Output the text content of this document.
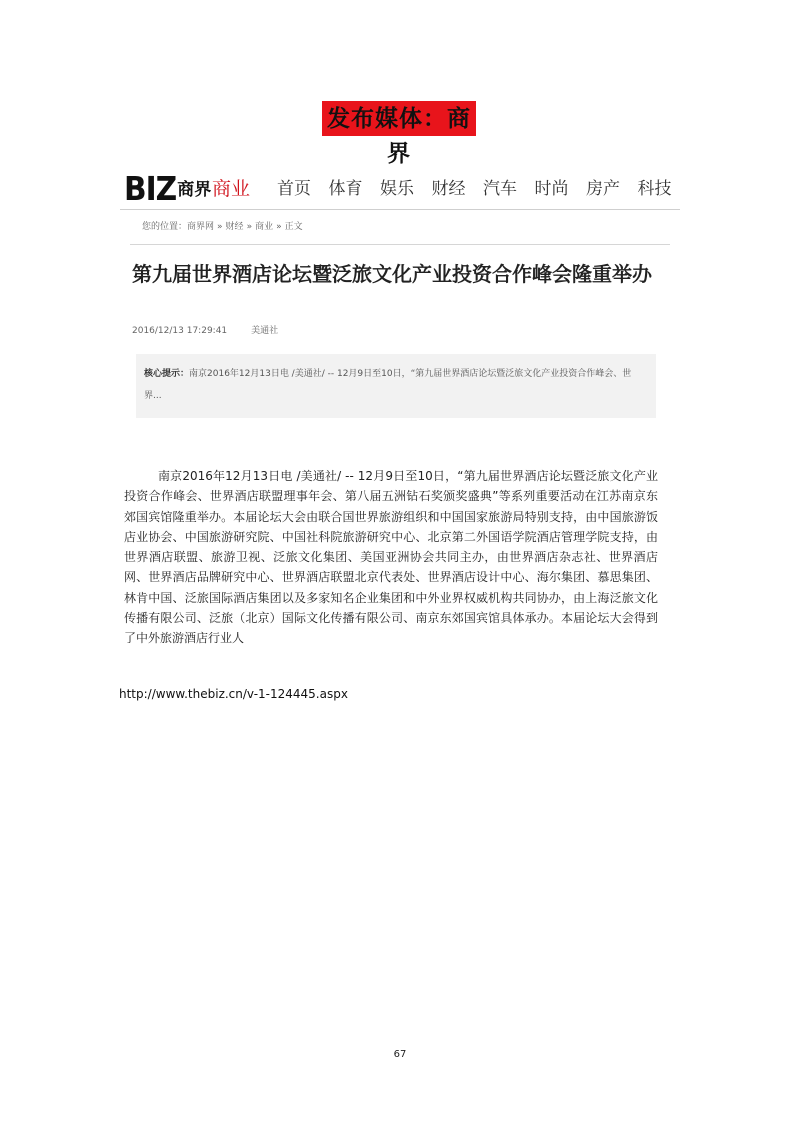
发布媒体：商界
BIZ 商界 商业 首页	体育	娱乐	财经	汽车	时尚	房产	科技
您的位置：商界网 » 财经 » 商业 » 正文
第九届世界酒店论坛暨泛旅文化产业投资合作峰会隆重举办
2016/12/13 17:29:41	美通社
核心提示：南京2016年12月13日电 /美通社/ -- 12月9日至10日，“第九届世界酒店论坛暨泛旅文化产业投资合作峰会、世界...

南京2016年12月13日电 /美通社/ -- 12月9日至10日，“第九届世界酒店论坛暨泛旅文化产业投资合作峰会、世界酒店联盟理事年会、第八届五洲钻石奖颁奖盛典”等系列重要活动在江苏南京东郊国宾馆隆重举办。本届论坛大会由联合国世界旅游组织和中国国家旅游局特别支持，由中国旅游饭店业协会、中国旅游研究院、中国社科院旅游研究中心、北京第二外国语学院酒店管理学院支持，由世界酒店联盟、旅游卫视、泛旅文化集团、美国亚洲协会共同主办，由世界酒店杂志社、世界酒店网、世界酒店品牌研究中心、世界酒店联盟北京代表处、世界酒店设计中心、海尔集团、慕思集团、林肯中国、泛旅国际酒店集团以及多家知名企业集团和中外业界权威机构共同协办，由上海泛旅文化传播有限公司、泛旅（北京）国际文化传播有限公司、南京东郊国宾馆具体承办。本届论坛大会得到了中外旅游酒店行业人

http://www.thebiz.cn/v-1-124445.aspx
67
